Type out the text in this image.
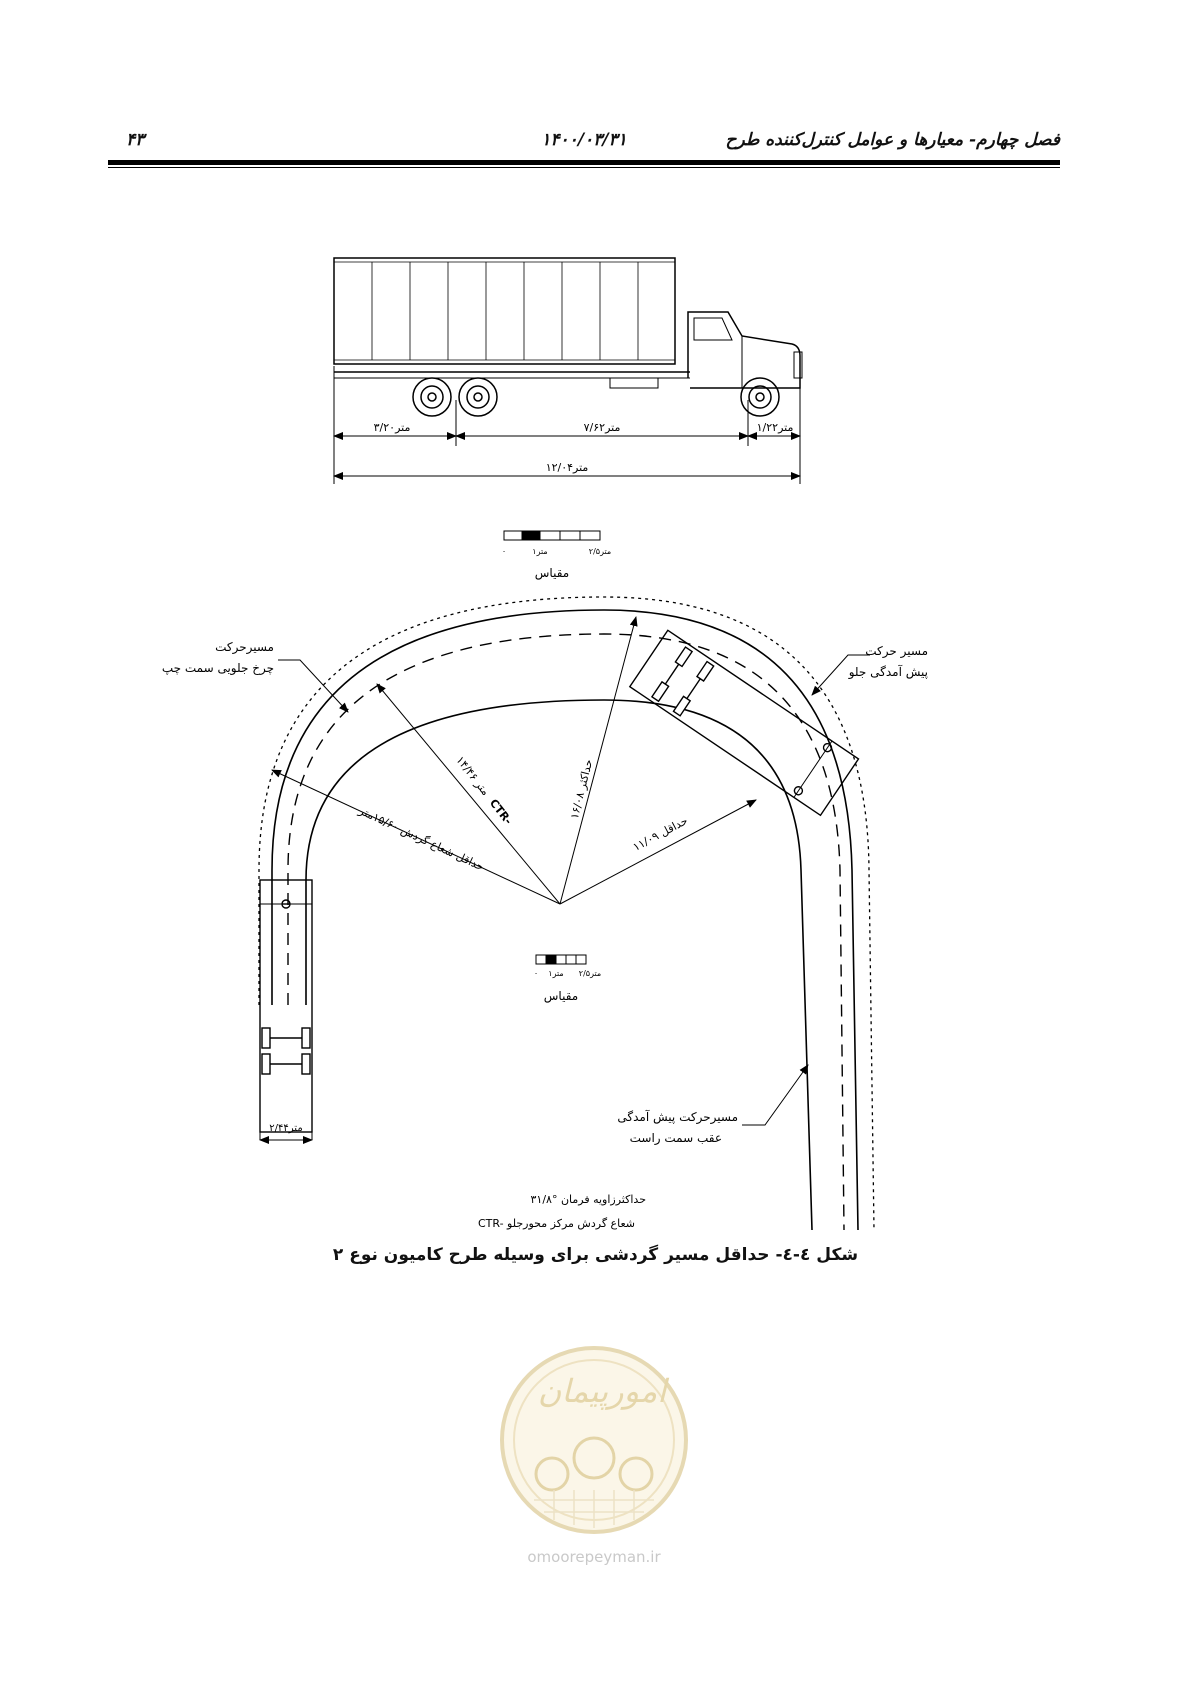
۴۳	۱۴۰۰/۰۳/۳۱	فصل چهارم- معیارها و عوامل کنترل‌کننده طرح
۳/۲۰متر	۷/۶۲متر	۱/۲۲متر
۱۲/۰۴متر
۰	۱متر	۲/۵متر
مقیاس
۱۴/۴۶ متر
CTR-	حداکثر ۱۶/۰۸
حداقل ۱۱/۰۹
حداقل شعاع گردش ۱۵/۶۰متر
مسیرحرکت
چرخ جلویی سمت چپ
مسیر حرکت
پیش آمدگی جلو
مسیرحرکت پیش آمدگی
عقب سمت راست
۰ ۱متر ۲/۵متر
مقیاس
۲/۴۴متر
حداکثرزاویه فرمان °۳۱/۸
CTR- شعاع گردش مرکز محورجلو
شکل ٤-٤- حداقل مسیر گردشی برای وسیله طرح کامیون نوع ۲
امورپیمان
omoorepeyman.ir
